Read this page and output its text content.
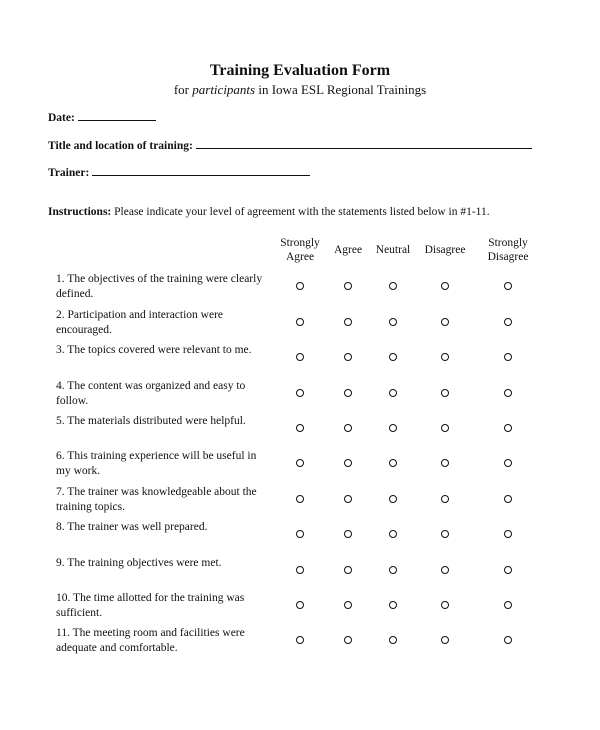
Training Evaluation Form
for participants in Iowa ESL Regional Trainings
Date:
Title and location of training:
Trainer:
Instructions: Please indicate your level of agreement with the statements listed below in #1-11.
Strongly
Agree
Agree Neutral Disagree
Strongly
Disagree
1. The objectives of the training were clearly defined.
2. Participation and interaction were encouraged.
3. The topics covered were relevant to me.
4. The content was organized and easy to follow.
5. The materials distributed were helpful.
6. This training experience will be useful in my work.
7. The trainer was knowledgeable about the training topics.
8. The trainer was well prepared.
9. The training objectives were met.
10. The time allotted for the training was sufficient.
11. The meeting room and facilities were adequate and comfortable.
